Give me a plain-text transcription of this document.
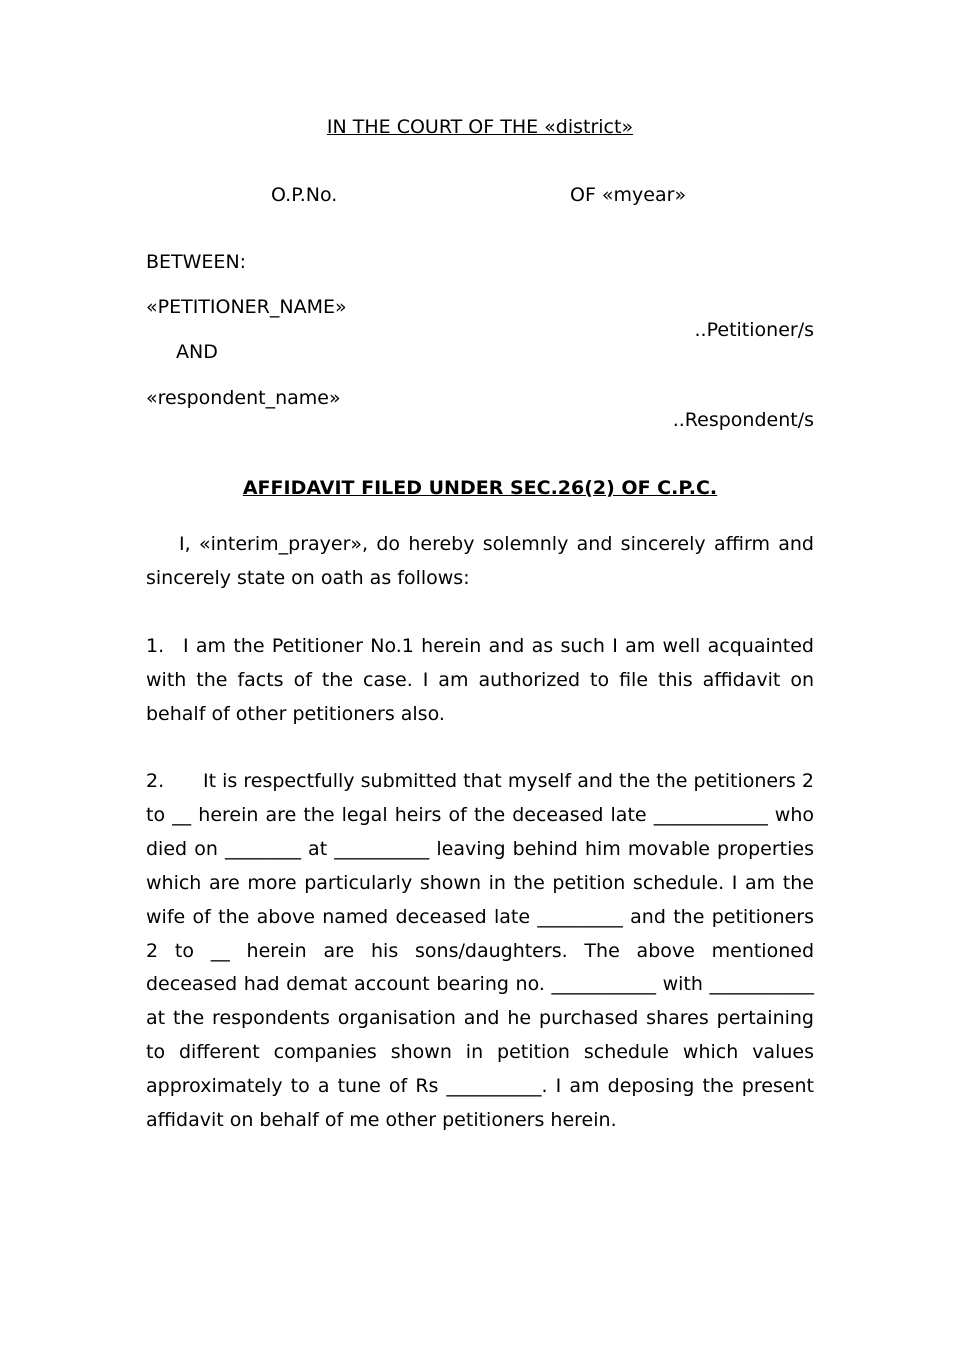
IN THE COURT OF THE «district»
O.P.No.	OF «myear»
BETWEEN:
«PETITIONER_NAME»
..Petitioner/s
AND
«respondent_name»
..Respondent/s
AFFIDAVIT FILED UNDER SEC.26(2) OF C.P.C.
I, «interim_prayer», do hereby solemnly and sincerely affirm and sincerely state on oath as follows:
1. I am the Petitioner No.1 herein and as such I am well acquainted with the facts of the case. I am authorized to file this affidavit on behalf of other petitioners also.
2. It is respectfully submitted that myself and the the petitioners 2 to __ herein are the legal heirs of the deceased late ____________ who died on ________ at __________ leaving behind him movable properties which are more particularly shown in the petition schedule. I am the wife of the above named deceased late _________ and the petitioners 2 to __ herein are his sons/daughters. The above mentioned deceased had demat account bearing no. ___________ with ___________ at the respondents organisation and he purchased shares pertaining to different companies shown in petition schedule which values approximately to a tune of Rs __________. I am deposing the present affidavit on behalf of me other petitioners herein.
